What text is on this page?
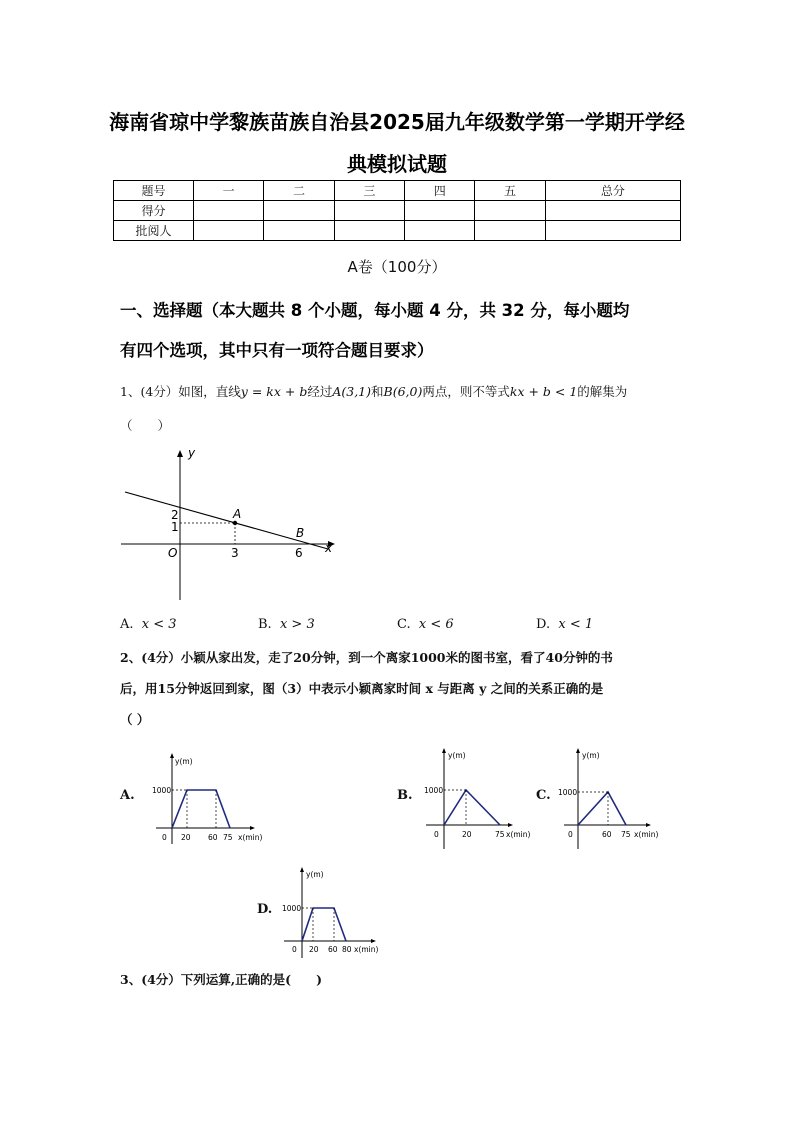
海南省琼中学黎族苗族自治县2025届九年级数学第一学期开学经
典模拟试题
题号	一	二	三	四	五	总分
得分						
批阅人						
A卷（100分）
一、选择题（本大题共 8 个小题，每小题 4 分，共 32 分，每小题均
有四个选项，其中只有一项符合题目要求）
1、(4分）如图，直线y = kx + b经过A(3,1)和B(6,0)两点，则不等式kx + b < 1的解集为
（　　）
y
x
O
2
1
3	6
A
B
A. x < 3	B. x > 3	C. x < 6	D. x < 1
2、(4分）小颖从家出发，走了20分钟，到一个离家1000米的图书室，看了40分钟的书
后，用15分钟返回到家，图（3）中表示小颖离家时间 x 与距离 y 之间的关系正确的是
（ ）
A.
y(m)
1000
0 20 60 75 x(min)
B.
y(m)
1000
0	20	75 x(min)
C.
y(m)
1000
0	60 75 x(min)
D.
y(m)
1000
0 20 60 80 x(min)
3、(4分）下列运算,正确的是(　　)
